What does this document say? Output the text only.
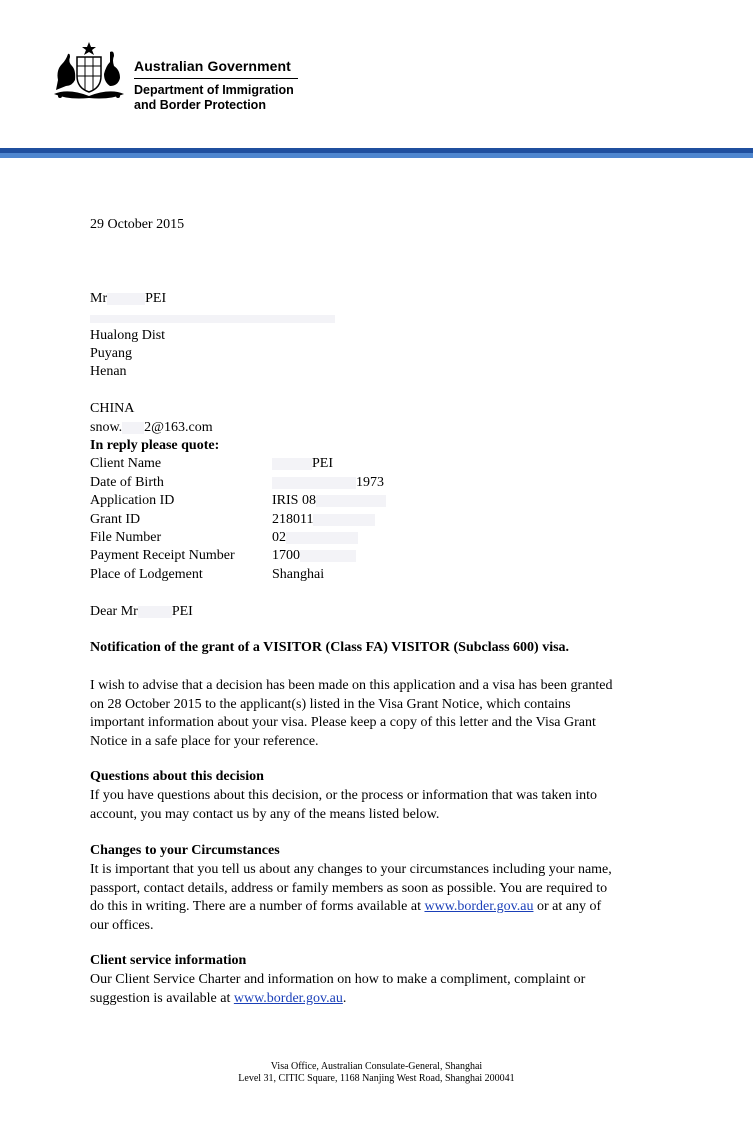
Australian Government
Department of Immigration
and Border Protection
29 October 2015
Mr	PEI
Hualong Dist
Puyang
Henan
CHINA
snow. 2@163.com
In reply please quote:
Client Name	PEI
Date of Birth	1973
Application ID	IRIS 08
Grant ID	218011
File Number	02
Payment Receipt Number	1700
Place of Lodgement	Shanghai
Dear Mr PEI
Notification of the grant of a VISITOR (Class FA) VISITOR (Subclass 600) visa.
I wish to advise that a decision has been made on this application and a visa has been granted
on 28 October 2015 to the applicant(s) listed in the Visa Grant Notice, which contains
important information about your visa. Please keep a copy of this letter and the Visa Grant
Notice in a safe place for your reference.
Questions about this decision
If you have questions about this decision, or the process or information that was taken into
account, you may contact us by any of the means listed below.
Changes to your Circumstances
It is important that you tell us about any changes to your circumstances including your name,
passport, contact details, address or family members as soon as possible. You are required to
do this in writing. There are a number of forms available at www.border.gov.au or at any of
our offices.
Client service information
Our Client Service Charter and information on how to make a compliment, complaint or
suggestion is available at www.border.gov.au.
Visa Office, Australian Consulate-General, Shanghai
Level 31, CITIC Square, 1168 Nanjing West Road, Shanghai 200041
